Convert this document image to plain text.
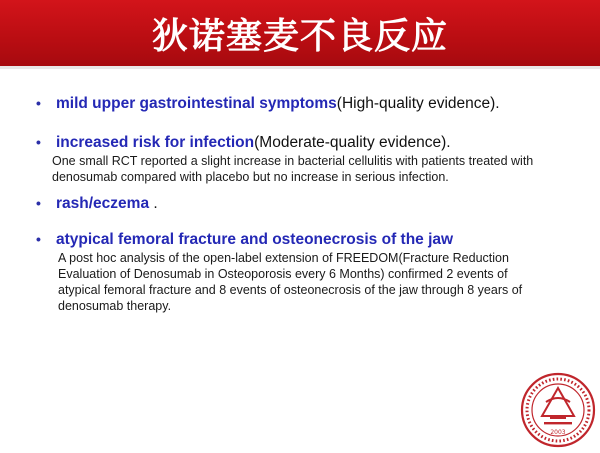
狄诺塞麦不良反应
• mild upper gastrointestinal symptoms(High-quality evidence).
• increased risk for infection(Moderate-quality evidence).
One small RCT reported a slight increase in bacterial cellulitis with patients treated with
denosumab compared with placebo but no increase in serious infection.
• rash/eczema .
• atypical femoral fracture and osteonecrosis of the jaw
A post hoc analysis of the open-label extension of FREEDOM(Fracture Reduction
Evaluation of Denosumab in Osteoporosis every 6 Months) confirmed 2 events of
atypical femoral fracture and 8 events of osteonecrosis of the jaw through 8 years of
denosumab therapy.
2003
